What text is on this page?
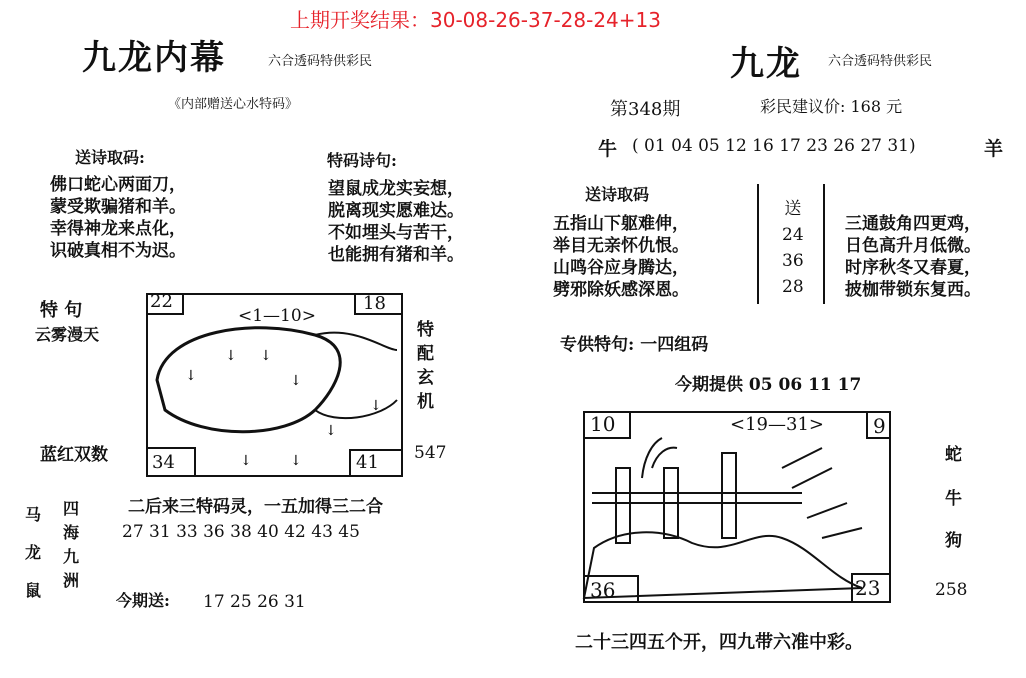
上期开奖结果：30-08-26-37-28-24+13
九龙内幕	六合透码特供彩民
《内部赠送心水特码》
送诗取码:
佛口蛇心两面刀，
蒙受欺骗猪和羊。
幸得神龙来点化，
识破真相不为迟。
特码诗句:
望鼠成龙实妄想，
脱离现实愿难达。
不如埋头与苦干，
也能拥有猪和羊。
特 句
云雾漫天
↓
↓ ↓
↓
↓
↓
↓	↓
22
<1—10>
18
34	41
特
配
玄
机
蓝红双数	547
马
龙
鼠
四
海
九
洲
二后来三特码灵，一五加得三二合
27 31 33 36 38 40 42 43 45
今期送: 17 25 26 31
九龙 六合透码特供彩民
第348期	彩民建议价: 168 元
牛 ( 01 04 05 12 16 17 23 26 27 31)	羊
送诗取码
五指山下躯难伸，
举目无亲怀仇恨。
山鸣谷应身腾达，
劈邪除妖感深恩。
送
24
36
28
三通鼓角四更鸡，
日色高升月低微。
时序秋冬又春夏，
披枷带锁东复西。
专供特句: 一四组码
今期提供 05 06 11 17
10	<19—31> 9
36	23
蛇
牛
狗
258
二十三四五个开，四九带六准中彩。
